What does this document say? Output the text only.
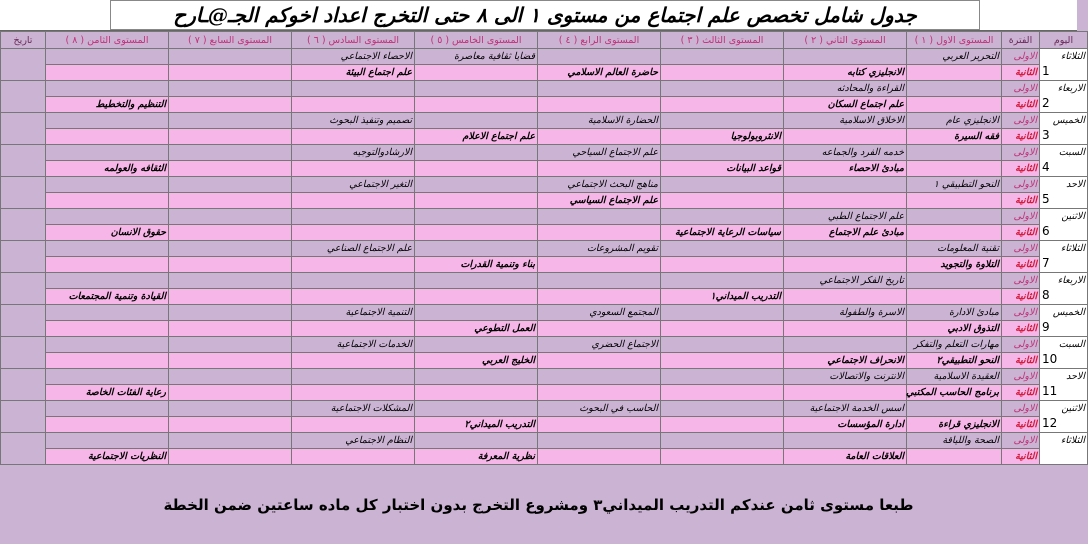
جدول شامل تخصص علم اجتماع من مستوى ١ الى ٨ حتى التخرج اعداد اخوكم الجـ@ـارح
اليوم	الفترة	المستوى الاول ( ١ )	المستوى الثاني ( ٢ )	المستوى الثالث ( ٣ )	المستوى الرابع ( ٤ )	المستوى الخامس ( ٥ )	المستوى السادس ( ٦ )	المستوى السابع ( ٧ )	المستوى الثامن ( ٨ )	تاريخ
الثلاثاء
1	الاولى	التحرير العربي				قضايا ثقافية معاصرة	الاحصاء الاجتماعي			
	الثانية		الانجليزي كتابه		حاضرة العالم الاسلامي		علم اجتماع البيئة			
الاربعاء
2	الاولى		القراءة والمحادثه							
	الثانية		علم اجتماع السكان						التنظيم والتخطيط	
الخميس
3	الاولى	الانجليزي عام	الاخلاق الاسلامية		الحضارة الاسلامية		تصميم وتنفيذ البحوث			
	الثانية	فقه السيرة		الانثروبولوجيا		علم اجتماع الاعلام				
السبت
4	الاولى		خدمه الفرد والجماعه		علم الاجتماع السياحي		الارشادوالتوجيه			
	الثانية		مبادئ الاحصاء	قواعد البيانات					الثقافه والعولمه	
الاحد
5	الاولى	النحو التطبيقي ١			مناهج البحث الاجتماعي		التغير الاجتماعي			
	الثانية				علم الاجتماع السياسي					
الاثنين
6	الاولى		علم الاجتماع الطبي							
	الثانية		مبادئ علم الاجتماع	سياسات الرعاية الاجتماعية					حقوق الانسان	
الثلاثاء
7	الاولى	تقنية المعلومات			تقويم المشروعات		علم الاجتماع الصناعي			
	الثانية	التلاوة والتجويد				بناء وتنمية القدرات				
الاربعاء
8	الاولى		تاريخ الفكر الاجتماعي							
	الثانية			التدريب الميداني١					القيادة وتنمية المجتمعات	
الخميس
9	الاولى	مبادئ الادارة	الاسرة والطفولة		المجتمع السعودي		التنمية الاجتماعية			
	الثانية	التذوق الادبي				العمل التطوعي				
السبت
10	الاولى	مهارات التعلم والتفكر			الاجتماع الحضري		الخدمات الاجتماعية			
	الثانية	النحو التطبيقي٢	الانحراف الاجتماعي			الخليج العربي				
الاحد
11	الاولى	العقيدة الاسلامية	الانترنت والاتصالات							
	الثانية	برنامج الحاسب المكتبي							رعاية الفئات الخاصة	
الاثنين
12	الاولى		اسس الخدمة الاجتماعية		الحاسب في البحوث		المشكلات الاجتماعية			
	الثانية	الانجليزي قراءة	ادارة المؤسسات			التدريب الميداني٢				
الثلاثاء	الاولى	الصحة واللياقة					النظام الاجتماعي			
	الثانية		العلاقات العامة			نظرية المعرفة			النظريات الاجتماعية	
طبعا مستوى ثامن عندكم التدريب الميداني٣ ومشروع التخرج بدون اختبار كل ماده ساعتين ضمن الخطة
